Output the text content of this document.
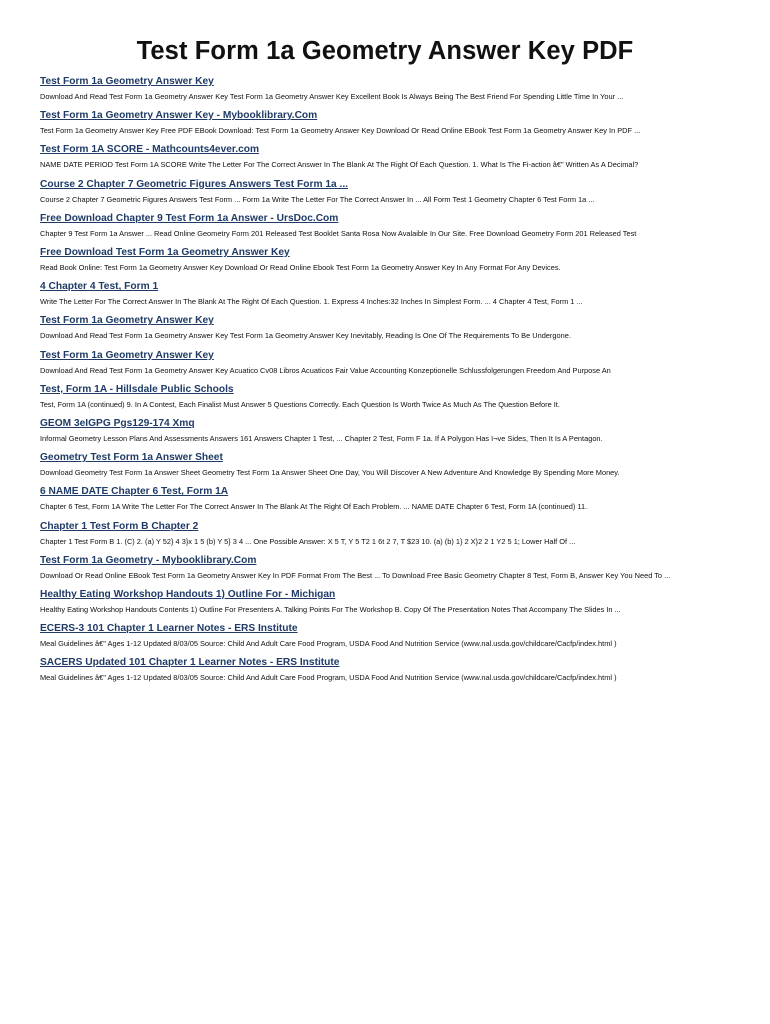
Test Form 1a Geometry Answer Key PDF
Test Form 1a Geometry Answer Key
Download And Read Test Form 1a Geometry Answer Key Test Form 1a Geometry Answer Key Excellent Book Is Always Being The Best Friend For Spending Little Time In Your ...
Test Form 1a Geometry Answer Key - Mybooklibrary.Com
Test Form 1a Geometry Answer Key Free PDF EBook Download: Test Form 1a Geometry Answer Key Download Or Read Online EBook Test Form 1a Geometry Answer Key In PDF ...
Test Form 1A SCORE - Mathcounts4ever.com
NAME DATE PERIOD Test Form 1A SCORE Write The Letter For The Correct Answer In The Blank At The Right Of Each Question. 1. What Is The Fi-action â€" Written As A Decimal?
Course 2 Chapter 7 Geometric Figures Answers Test Form 1a ...
Course 2 Chapter 7 Geometric Figures Answers Test Form ... Form 1a Write The Letter For The Correct Answer In ... All Form Test 1 Geometry Chapter 6 Test Form 1a ...
Free Download Chapter 9 Test Form 1a Answer - UrsDoc.Com
Chapter 9 Test Form 1a Answer ... Read Online Geometry Form 201 Released Test Booklet Santa Rosa Now Avalaible In Our Site. Free Download Geometry Form 201 Released Test
Free Download Test Form 1a Geometry Answer Key
Read Book Online: Test Form 1a Geometry Answer Key Download Or Read Online Ebook Test Form 1a Geometry Answer Key In Any Format For Any Devices.
4 Chapter 4 Test, Form 1
Write The Letter For The Correct Answer In The Blank At The Right Of Each Question. 1. Express 4 Inches:32 Inches In Simplest Form. ... 4 Chapter 4 Test, Form 1 ...
Test Form 1a Geometry Answer Key
Download And Read Test Form 1a Geometry Answer Key Test Form 1a Geometry Answer Key Inevitably, Reading Is One Of The Requirements To Be Undergone.
Test Form 1a Geometry Answer Key
Download And Read Test Form 1a Geometry Answer Key Acuatico Cv08 Libros Acuaticos Fair Value Accounting Konzeptionelle Schlussfolgerungen Freedom And Purpose An
Test, Form 1A - Hillsdale Public Schools
Test, Form 1A (continued) 9. In A Contest, Each Finalist Must Answer 5 Questions Correctly. Each Question Is Worth Twice As Much As The Question Before It.
GEOM 3eIGPG Pgs129-174 Xmq
Informal Geometry Lesson Plans And Assessments Answers 161 Answers Chapter 1 Test, ... Chapter 2 Test, Form F 1a. If A Polygon Has ï¬ve Sides, Then It Is A Pentagon.
Geometry Test Form 1a Answer Sheet
Download Geometry Test Form 1a Answer Sheet Geometry Test Form 1a Answer Sheet One Day, You Will Discover A New Adventure And Knowledge By Spending More Money.
6 NAME DATE Chapter 6 Test, Form 1A
Chapter 6 Test, Form 1A Write The Letter For The Correct Answer In The Blank At The Right Of Each Problem. ... NAME DATE Chapter 6 Test, Form 1A (continued) 11.
Chapter 1 Test Form B Chapter 2
Chapter 1 Test Form B 1. (C) 2. (a) Y 52} 4 3}x 1 5 (b) Y 5} 3 4 ... One Possible Answer: X 5 T, Y 5 T2 1 6t 2 7, T $23 10. (a) (b) 1} 2 X}2 2 1 Y2 5 1; Lower Half Of ...
Test Form 1a Geometry - Mybooklibrary.Com
Download Or Read Online EBook Test Form 1a Geometry Answer Key In PDF Format From The Best ... To Download Free Basic Geometry Chapter 8 Test, Form B, Answer Key You Need To ...
Healthy Eating Workshop Handouts 1) Outline For - Michigan
Healthy Eating Workshop Handouts Contents 1) Outline For Presenters A. Talking Points For The Workshop B. Copy Of The Presentation Notes That Accompany The Slides In ...
ECERS-3 101 Chapter 1 Learner Notes - ERS Institute
Meal Guidelines â€" Ages 1-12 Updated 8/03/05 Source: Child And Adult Care Food Program, USDA Food And Nutrition Service (www.nal.usda.gov/childcare/Cacfp/index.html )
SACERS Updated 101 Chapter 1 Learner Notes - ERS Institute
Meal Guidelines â€" Ages 1-12 Updated 8/03/05 Source: Child And Adult Care Food Program, USDA Food And Nutrition Service (www.nal.usda.gov/childcare/Cacfp/index.html )
